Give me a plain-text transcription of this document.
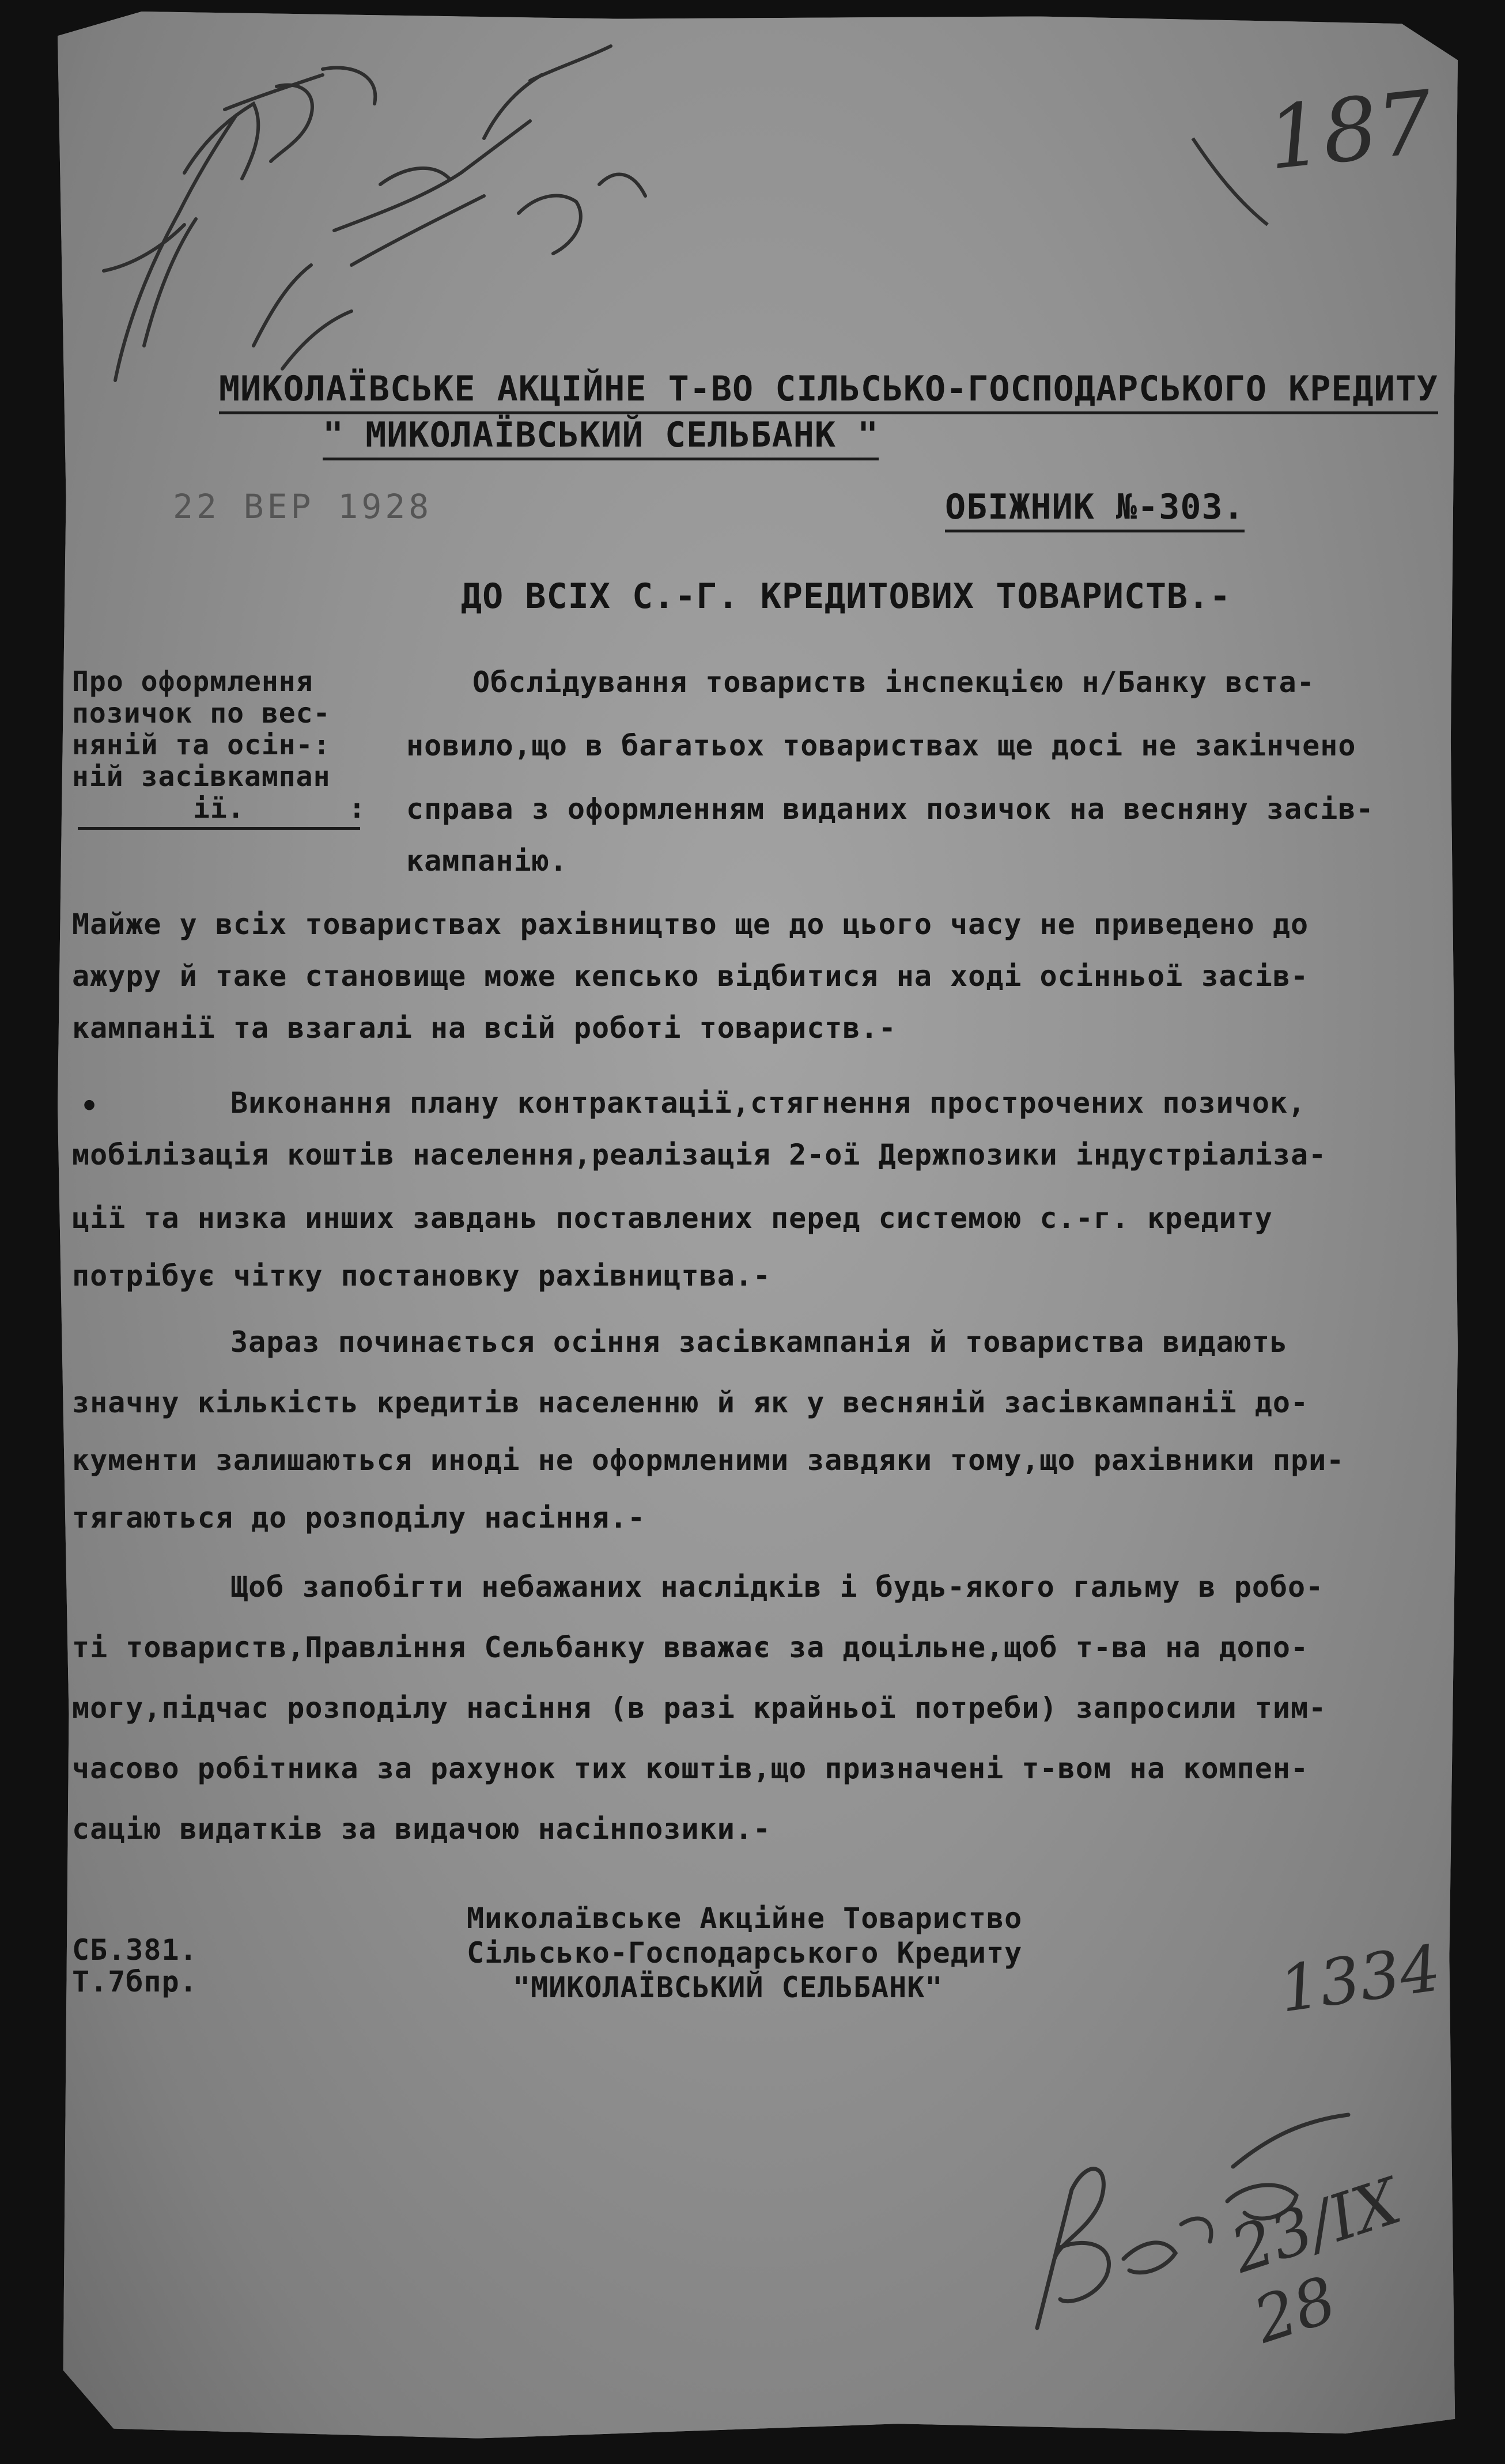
187
МИКОЛАЇВСЬКЕ АКЦІЙНЕ Т-ВО СІЛЬСЬКО-ГОСПОДАРСЬКОГО КРЕДИТУ
" МИКОЛАЇВСЬКИЙ СЕЛЬБАНК "
22 ВЕР 1928	ОБІЖНИК №-303.
ДО ВСІХ С.-Г. КРЕДИТОВИХ ТОВАРИСТВ.-
Про оформлення
позичок по вес-
няній та осін-:
ній засівкампан
ії.	:
Обслідування товариств інспекцією н/Банку вста-
новило,що в багатьох товариствах ще досі не закінчено
справа з оформленням виданих позичок на весняну засів-
кампанію.
Майже у всіх товариствах рахівництво ще до цього часу не приведено до
ажуру й таке становище може кепсько відбитися на ході осінньої засів-
кампанії та взагалі на всій роботі товариств.-
•	Виконання плану контрактації,стягнення прострочених позичок,
мобілізація коштів населення,реалізація 2-ої Держпозики індустріаліза-
ції та низка инших завдань поставлених перед системою с.-г. кредиту
потрібує чітку постановку рахівництва.-
Зараз починається осіння засівкампанія й товариства видають
значну кількість кредитів населенню й як у весняній засівкампанії до-
кументи залишаються иноді не оформленими завдяки тому,що рахівники при-
тягаються до розподілу насіння.-
Щоб запобігти небажаних наслідків і будь-якого гальму в робо-
ті товариств,Правління Сельбанку вважає за доцільне,щоб т-ва на допо-
могу,підчас розподілу насіння (в разі крайньої потреби) запросили тим-
часово робітника за рахунок тих коштів,що призначені т-вом на компен-
сацію видатків за видачою насінпозики.-
Миколаївське Акційне Товариство
Сільсько-Господарського Кредиту
"МИКОЛАЇВСЬКИЙ СЕЛЬБАНК"
СБ.381.
Т.7бпр.	1334
23/IX 28
